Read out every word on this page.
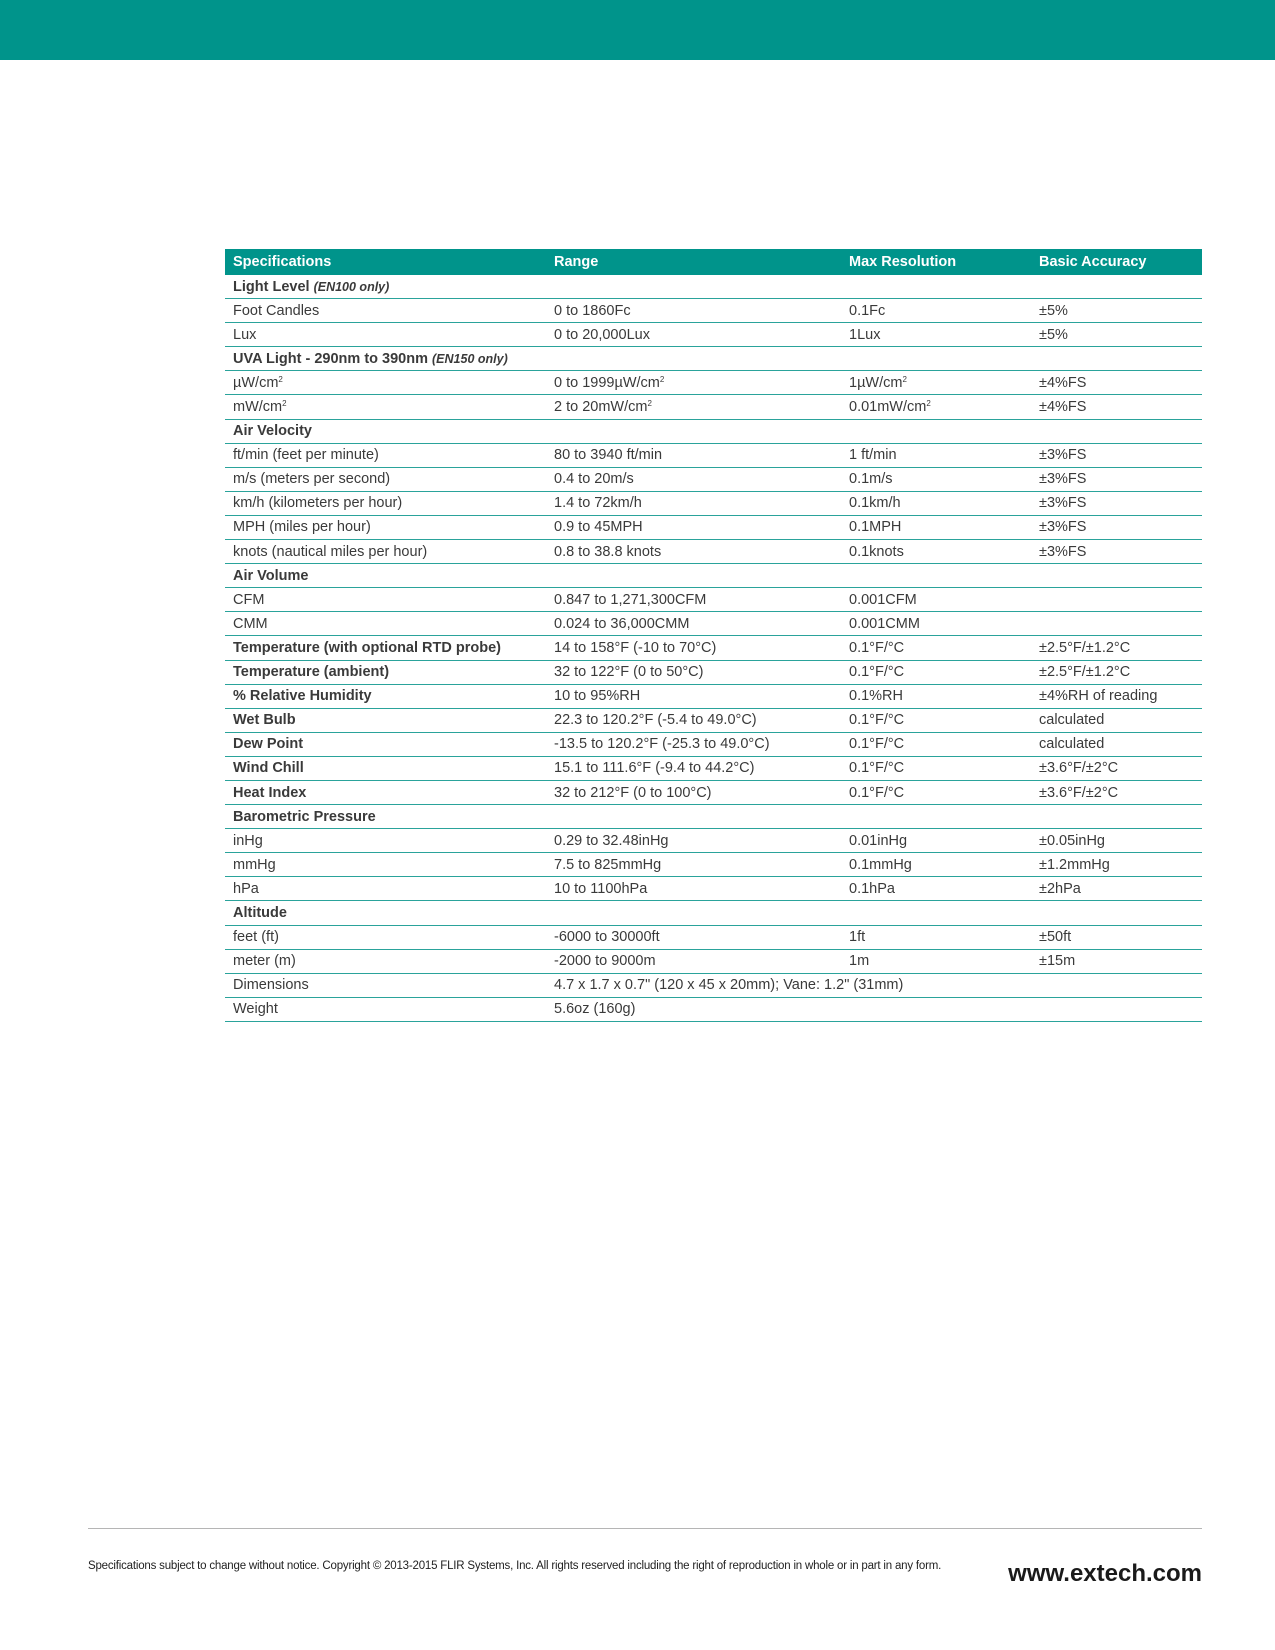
Specifications	Range	Max Resolution	Basic Accuracy
Light Level (EN100 only)			
Foot Candles	0 to 1860Fc	0.1Fc	±5%
Lux	0 to 20,000Lux	1Lux	±5%
UVA Light - 290nm to 390nm (EN150 only)			
$\mu W/cm^2$	0 to $1999\mu W/cm^2$	$1\mu W/cm^2$	±4%FS
$mW/cm^2$	2 to $20mW/cm^2$	$0.01mW/cm^2$	±4%FS
Air Velocity			
ft/min (feet per minute)	80 to 3940 ft/min	1 ft/min	±3%FS
m/s (meters per second)	0.4 to 20m/s	0.1m/s	±3%FS
km/h (kilometers per hour)	1.4 to 72km/h	0.1km/h	±3%FS
MPH (miles per hour)	0.9 to 45MPH	0.1MPH	±3%FS
knots (nautical miles per hour)	0.8 to 38.8 knots	0.1knots	±3%FS
Air Volume			
CFM	0.847 to 1,271,300CFM	0.001CFM	
CMM	0.024 to 36,000CMM	0.001CMM	
Temperature (with optional RTD probe)	14 to 158°F (-10 to 70°C)	0.1°F/°C	±2.5°F/±1.2°C
Temperature (ambient)	32 to 122°F (0 to 50°C)	0.1°F/°C	±2.5°F/±1.2°C
% Relative Humidity	10 to 95%RH	0.1%RH	±4%RH of reading
Wet Bulb	22.3 to 120.2°F (-5.4 to 49.0°C)	0.1°F/°C	calculated
Dew Point	-13.5 to 120.2°F (-25.3 to 49.0°C)	0.1°F/°C	calculated
Wind Chill	15.1 to 111.6°F (-9.4 to 44.2°C)	0.1°F/°C	±3.6°F/±2°C
Heat Index	32 to 212°F (0 to 100°C)	0.1°F/°C	±3.6°F/±2°C
Barometric Pressure			
inHg	0.29 to 32.48inHg	0.01inHg	±0.05inHg
mmHg	7.5 to 825mmHg	0.1mmHg	±1.2mmHg
hPa	10 to 1100hPa	0.1hPa	±2hPa
Altitude			
feet (ft)	-6000 to 30000ft	1ft	±50ft
meter (m)	-2000 to 9000m	1m	±15m
Dimensions	4.7 x 1.7 x 0.7" (120 x 45 x 20mm); Vane: 1.2" (31mm)		
Weight	5.6oz (160g)		
Specifications subject to change without notice. Copyright © 2013-2015 FLIR Systems, Inc. All rights reserved including the right of reproduction in whole or in part in any form.	www.extech.com
